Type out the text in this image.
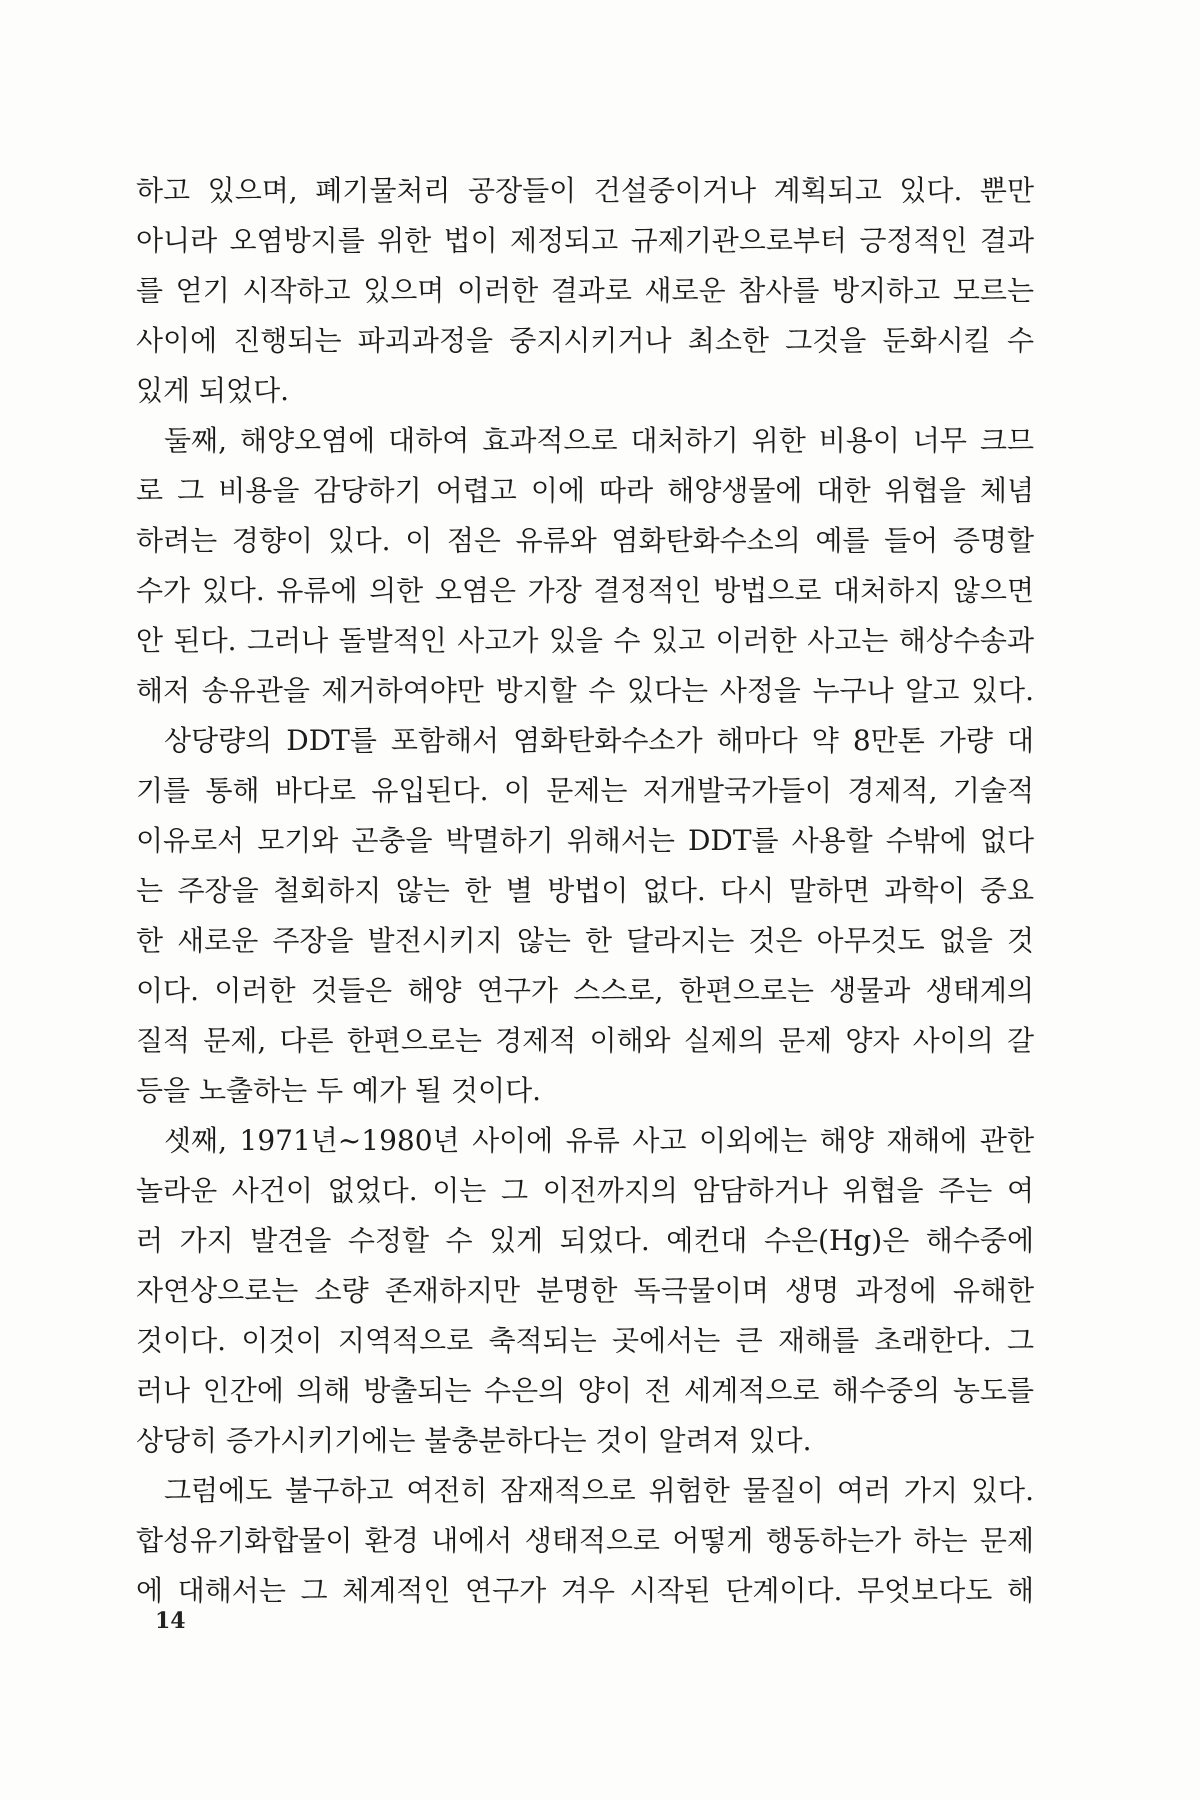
하고 있으며, 폐기물처리 공장들이 건설중이거나 계획되고 있다. 뿐만
아니라 오염방지를 위한 법이 제정되고 규제기관으로부터 긍정적인 결과
를 얻기 시작하고 있으며 이러한 결과로 새로운 참사를 방지하고 모르는
사이에 진행되는 파괴과정을 중지시키거나 최소한 그것을 둔화시킬 수
있게 되었다.
둘째, 해양오염에 대하여 효과적으로 대처하기 위한 비용이 너무 크므
로 그 비용을 감당하기 어렵고 이에 따라 해양생물에 대한 위협을 체념
하려는 경향이 있다. 이 점은 유류와 염화탄화수소의 예를 들어 증명할
수가 있다. 유류에 의한 오염은 가장 결정적인 방법으로 대처하지 않으면
안 된다. 그러나 돌발적인 사고가 있을 수 있고 이러한 사고는 해상수송과
해저 송유관을 제거하여야만 방지할 수 있다는 사정을 누구나 알고 있다.
상당량의 DDT를 포함해서 염화탄화수소가 해마다 약 8만톤 가량 대
기를 통해 바다로 유입된다. 이 문제는 저개발국가들이 경제적, 기술적
이유로서 모기와 곤충을 박멸하기 위해서는 DDT를 사용할 수밖에 없다
는 주장을 철회하지 않는 한 별 방법이 없다. 다시 말하면 과학이 중요
한 새로운 주장을 발전시키지 않는 한 달라지는 것은 아무것도 없을 것
이다. 이러한 것들은 해양 연구가 스스로, 한편으로는 생물과 생태계의
질적 문제, 다른 한편으로는 경제적 이해와 실제의 문제 양자 사이의 갈
등을 노출하는 두 예가 될 것이다.
셋째, 1971년~1980년 사이에 유류 사고 이외에는 해양 재해에 관한
놀라운 사건이 없었다. 이는 그 이전까지의 암담하거나 위협을 주는 여
러 가지 발견을 수정할 수 있게 되었다. 예컨대 수은(Hg)은 해수중에
자연상으로는 소량 존재하지만 분명한 독극물이며 생명 과정에 유해한
것이다. 이것이 지역적으로 축적되는 곳에서는 큰 재해를 초래한다. 그
러나 인간에 의해 방출되는 수은의 양이 전 세계적으로 해수중의 농도를
상당히 증가시키기에는 불충분하다는 것이 알려져 있다.
그럼에도 불구하고 여전히 잠재적으로 위험한 물질이 여러 가지 있다.
합성유기화합물이 환경 내에서 생태적으로 어떻게 행동하는가 하는 문제
에 대해서는 그 체계적인 연구가 겨우 시작된 단계이다. 무엇보다도 해
14
